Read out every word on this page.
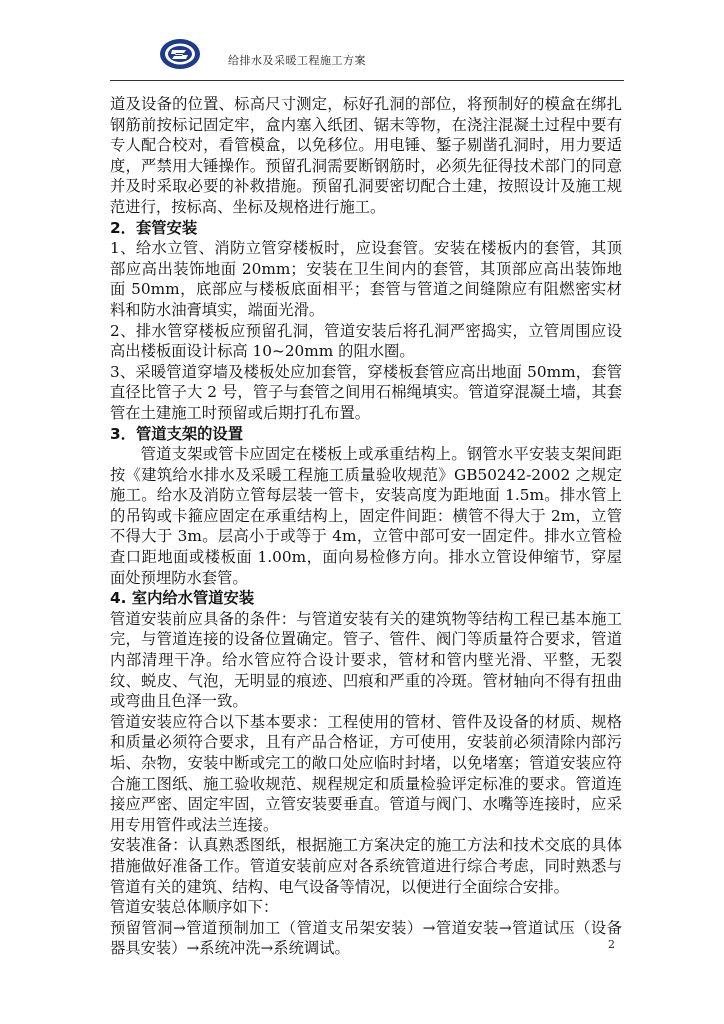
给排水及采暖工程施工方案

道及设备的位置、标高尺寸测定，标好孔洞的部位，将预制好的模盒在绑扎钢筋前按标记固定牢，盒内塞入纸团、锯末等物，在浇注混凝土过程中要有专人配合校对，看管模盒，以免移位。用电锤、錾子剔凿孔洞时，用力要适度，严禁用大锤操作。预留孔洞需要断钢筋时，必须先征得技术部门的同意并及时采取必要的补救措施。预留孔洞要密切配合土建，按照设计及施工规范进行，按标高、坐标及规格进行施工。

2．套管安装

1、给水立管、消防立管穿楼板时，应设套管。安装在楼板内的套管，其顶部应高出装饰地面 20mm；安装在卫生间内的套管，其顶部应高出装饰地面 50mm，底部应与楼板底面相平；套管与管道之间缝隙应有阻燃密实材料和防水油膏填实，端面光滑。

2、排水管穿楼板应预留孔洞，管道安装后将孔洞严密捣实，立管周围应设高出楼板面设计标高 10~20mm 的阻水圈。

3、采暖管道穿墙及楼板处应加套管，穿楼板套管应高出地面 50mm，套管直径比管子大 2 号，管子与套管之间用石棉绳填实。管道穿混凝土墙，其套管在土建施工时预留或后期打孔布置。

3．管道支架的设置

管道支架或管卡应固定在楼板上或承重结构上。钢管水平安装支架间距按《建筑给水排水及采暖工程施工质量验收规范》GB50242-2002 之规定施工。给水及消防立管每层装一管卡，安装高度为距地面 1.5m。排水管上的吊钩或卡箍应固定在承重结构上，固定件间距：横管不得大于 2m，立管不得大于 3m。层高小于或等于 4m，立管中部可安一固定件。排水立管检查口距地面或楼板面 1.00m，面向易检修方向。排水立管设伸缩节，穿屋面处预埋防水套管。

4. 室内给水管道安装

管道安装前应具备的条件：与管道安装有关的建筑物等结构工程已基本施工完，与管道连接的设备位置确定。管子、管件、阀门等质量符合要求，管道内部清理干净。给水管应符合设计要求，管材和管内壁光滑、平整，无裂纹、蜕皮、气泡，无明显的痕迹、凹痕和严重的冷斑。管材轴向不得有扭曲或弯曲且色泽一致。

管道安装应符合以下基本要求：工程使用的管材、管件及设备的材质、规格和质量必须符合要求，且有产品合格证，方可使用，安装前必须清除内部污垢、杂物，安装中断或完工的敞口处应临时封堵，以免堵塞；管道安装应符合施工图纸、施工验收规范、规程规定和质量检验评定标准的要求。管道连接应严密、固定牢固，立管安装要垂直。管道与阀门、水嘴等连接时，应采用专用管件或法兰连接。

安装准备：认真熟悉图纸，根据施工方案决定的施工方法和技术交底的具体措施做好准备工作。管道安装前应对各系统管道进行综合考虑，同时熟悉与管道有关的建筑、结构、电气设备等情况，以便进行全面综合安排。

管道安装总体顺序如下：

预留管洞→管道预制加工（管道支吊架安装）→管道安装→管道试压（设备器具安装）→系统冲洗→系统调试。	2
